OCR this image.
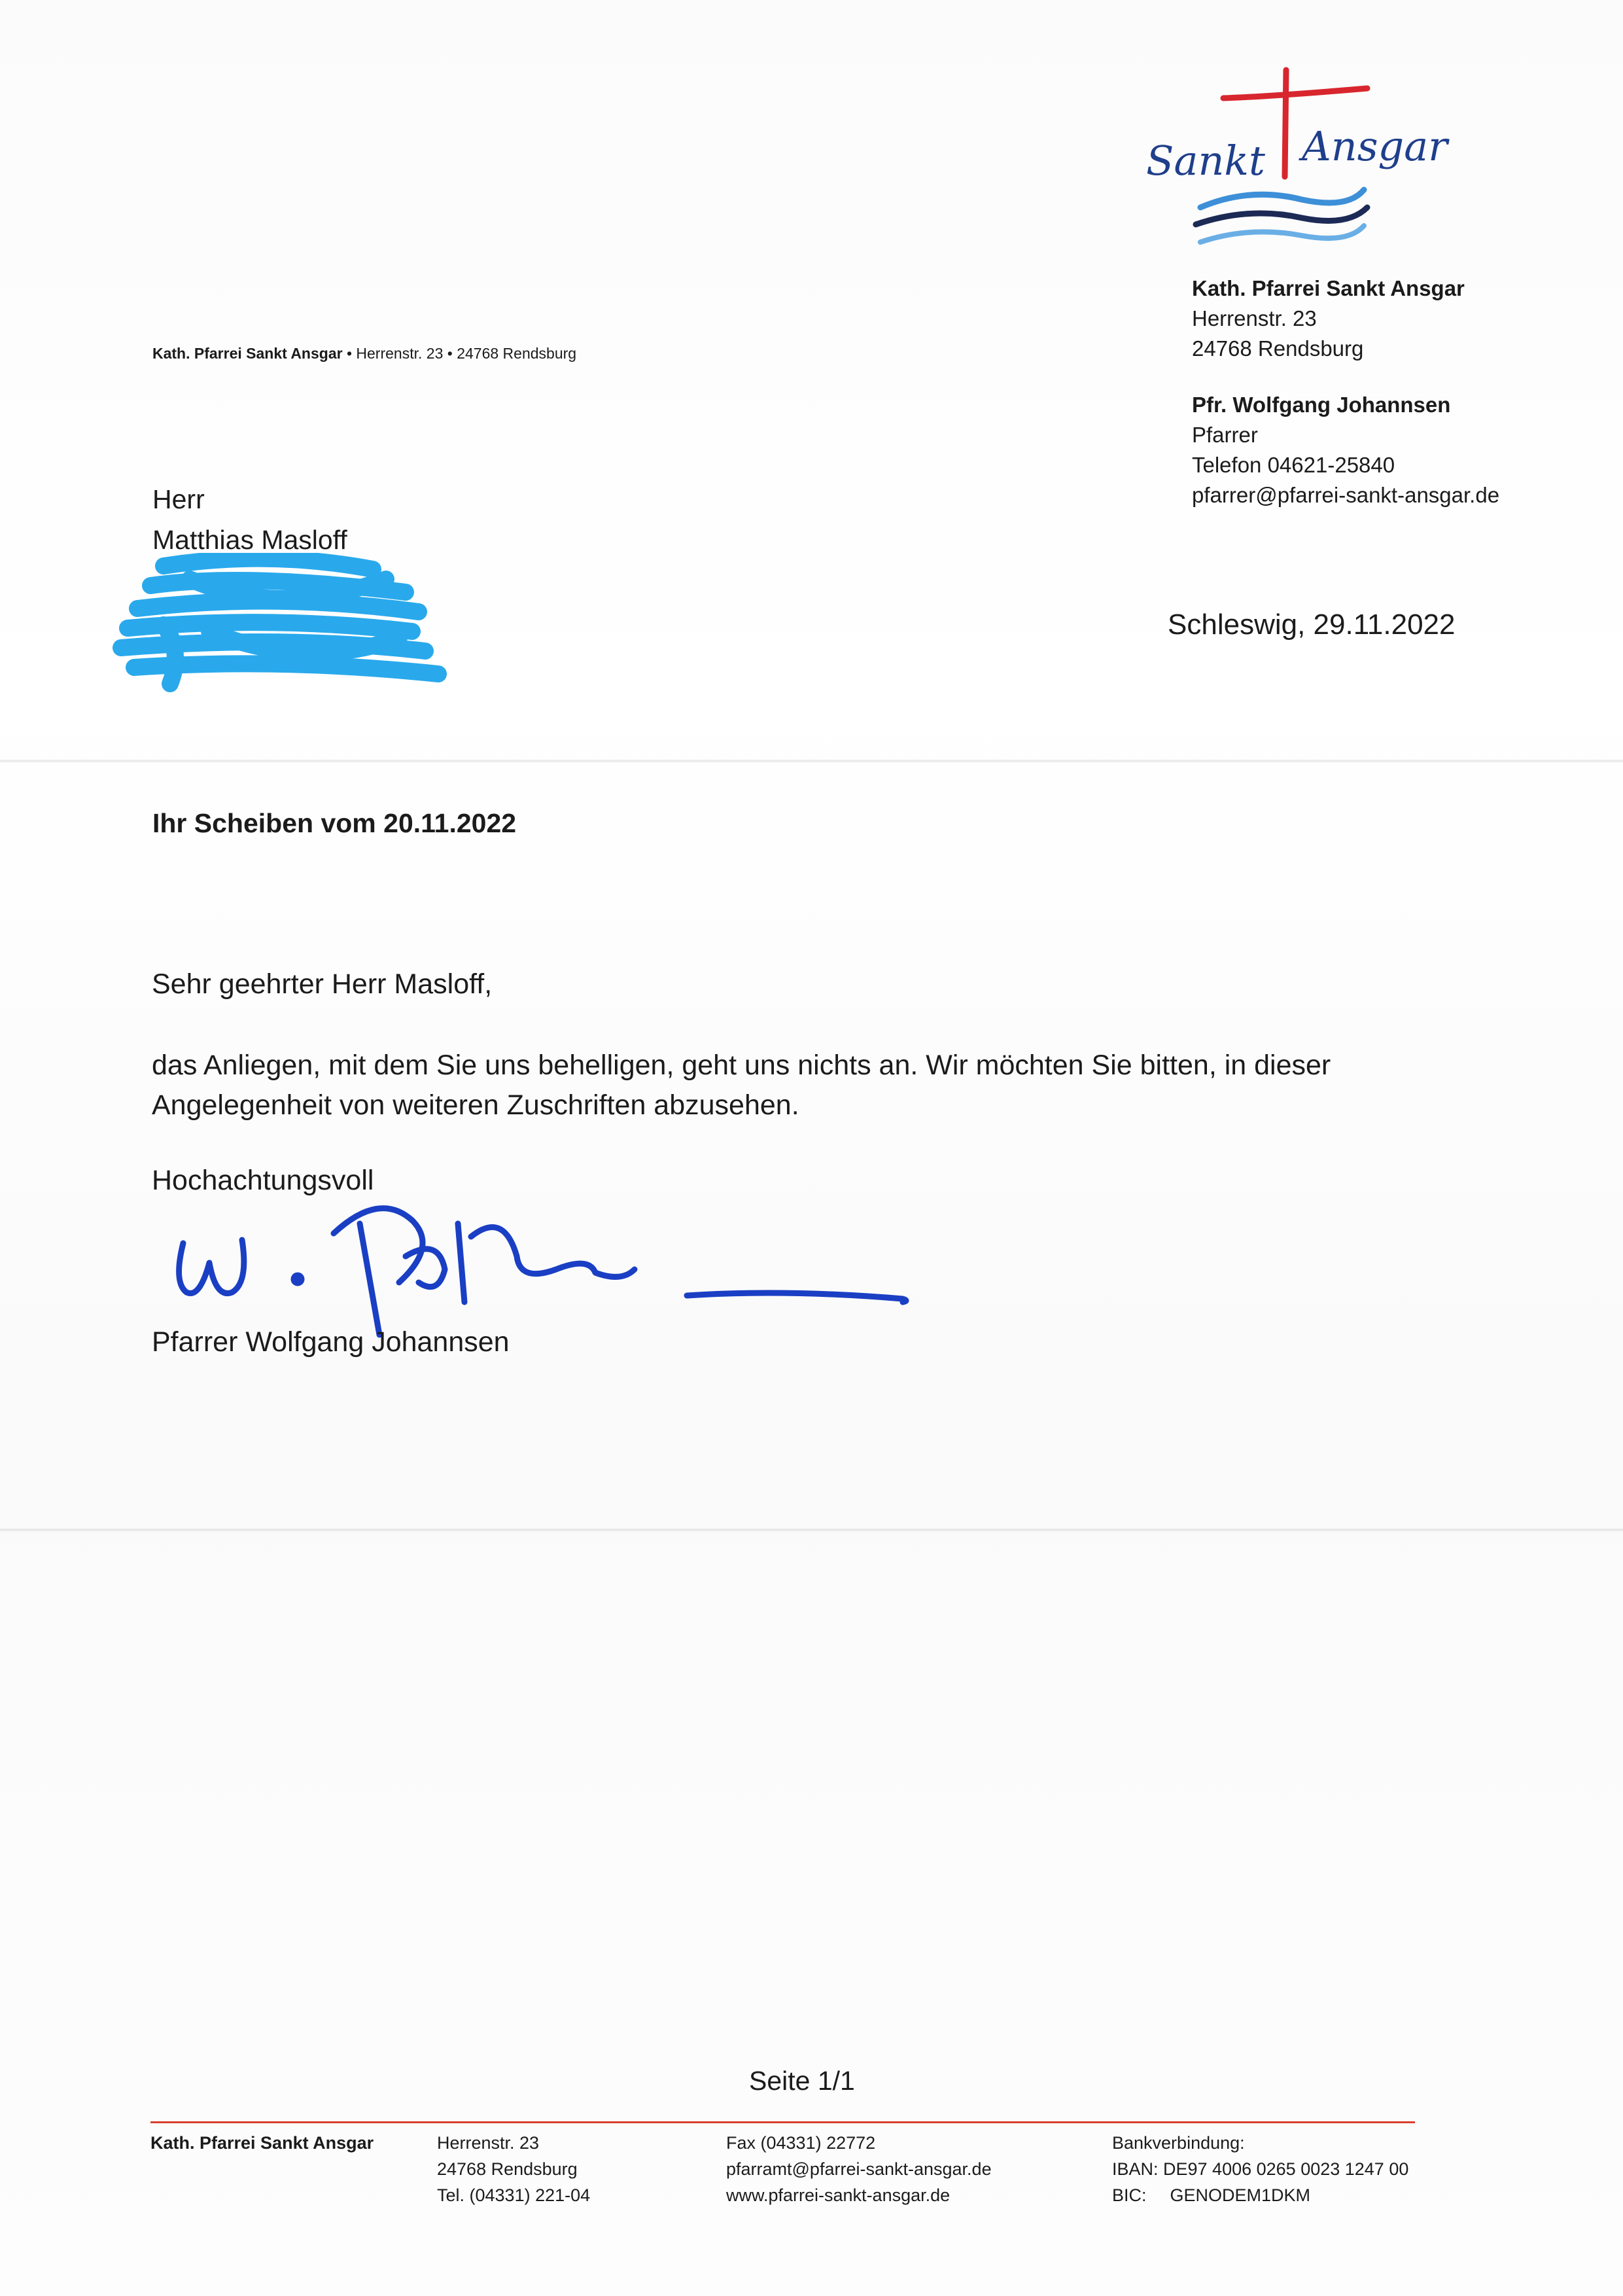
Sankt Ansgar
Kath. Pfarrei Sankt Ansgar
Herrenstr. 23
24768 Rendsburg
Pfr. Wolfgang Johannsen
Pfarrer
Telefon 04621-25840
pfarrer@pfarrei-sankt-ansgar.de
Kath. Pfarrei Sankt Ansgar • Herrenstr. 23 • 24768 Rendsburg
Herr
Matthias Masloff
Schleswig, 29.11.2022
Ihr Scheiben vom 20.11.2022
Sehr geehrter Herr Masloff,
das Anliegen, mit dem Sie uns behelligen, geht uns nichts an. Wir möchten Sie bitten, in dieser
Angelegenheit von weiteren Zuschriften abzusehen.
Hochachtungsvoll
Pfarrer Wolfgang Johannsen
Seite 1/1
Kath. Pfarrei Sankt Ansgar	Herrenstr. 23
24768 Rendsburg
Tel. (04331) 221-04
Fax (04331) 22772
pfarramt@pfarrei-sankt-ansgar.de
www.pfarrei-sankt-ansgar.de
Bankverbindung:
IBAN: DE97 4006 0265 0023 1247 00
BIC: GENODEM1DKM
